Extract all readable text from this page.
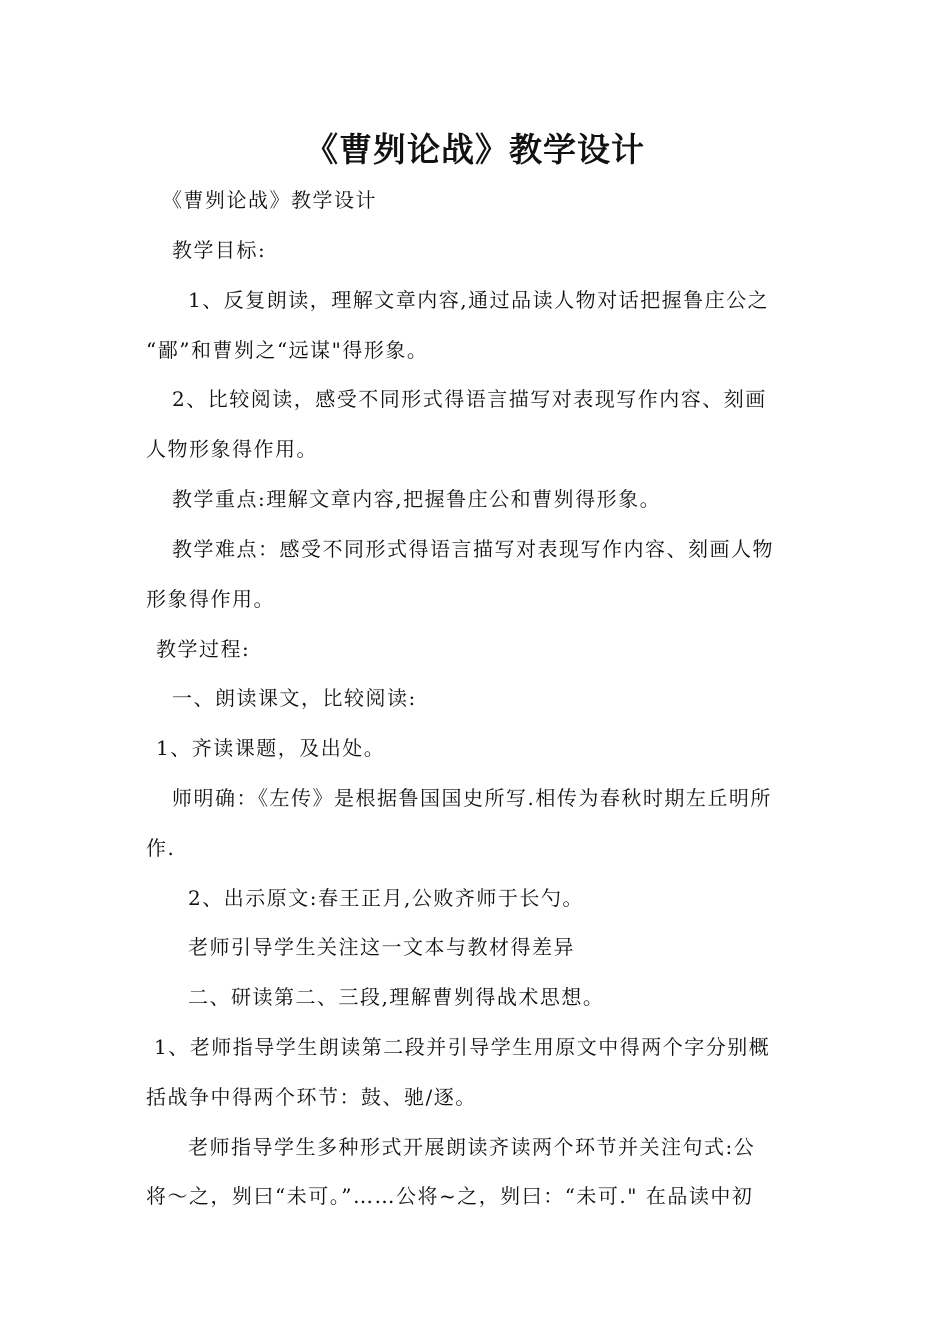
《曹刿论战》教学设计
《曹刿论战》教学设计
教学目标:
1、反复朗读，理解文章内容,通过品读人物对话把握鲁庄公之
“鄙”和曹刿之“远谋"得形象。
2、比较阅读，感受不同形式得语言描写对表现写作内容、刻画
人物形象得作用。
教学重点:理解文章内容,把握鲁庄公和曹刿得形象。
教学难点：感受不同形式得语言描写对表现写作内容、刻画人物
形象得作用。
教学过程:
一、朗读课文，比较阅读:
1、齐读课题，及出处。
师明确：《左传》是根据鲁国国史所写.相传为春秋时期左丘明所
作.
2、出示原文:春王正月,公败齐师于长勺。
老师引导学生关注这一文本与教材得差异
二、研读第二、三段,理解曹刿得战术思想。
1、老师指导学生朗读第二段并引导学生用原文中得两个字分别概
括战争中得两个环节：鼓、驰/逐。
老师指导学生多种形式开展朗读齐读两个环节并关注句式:公
将～之，刿曰“未可。”……公将~之，刿曰：“未可." 在品读中初
